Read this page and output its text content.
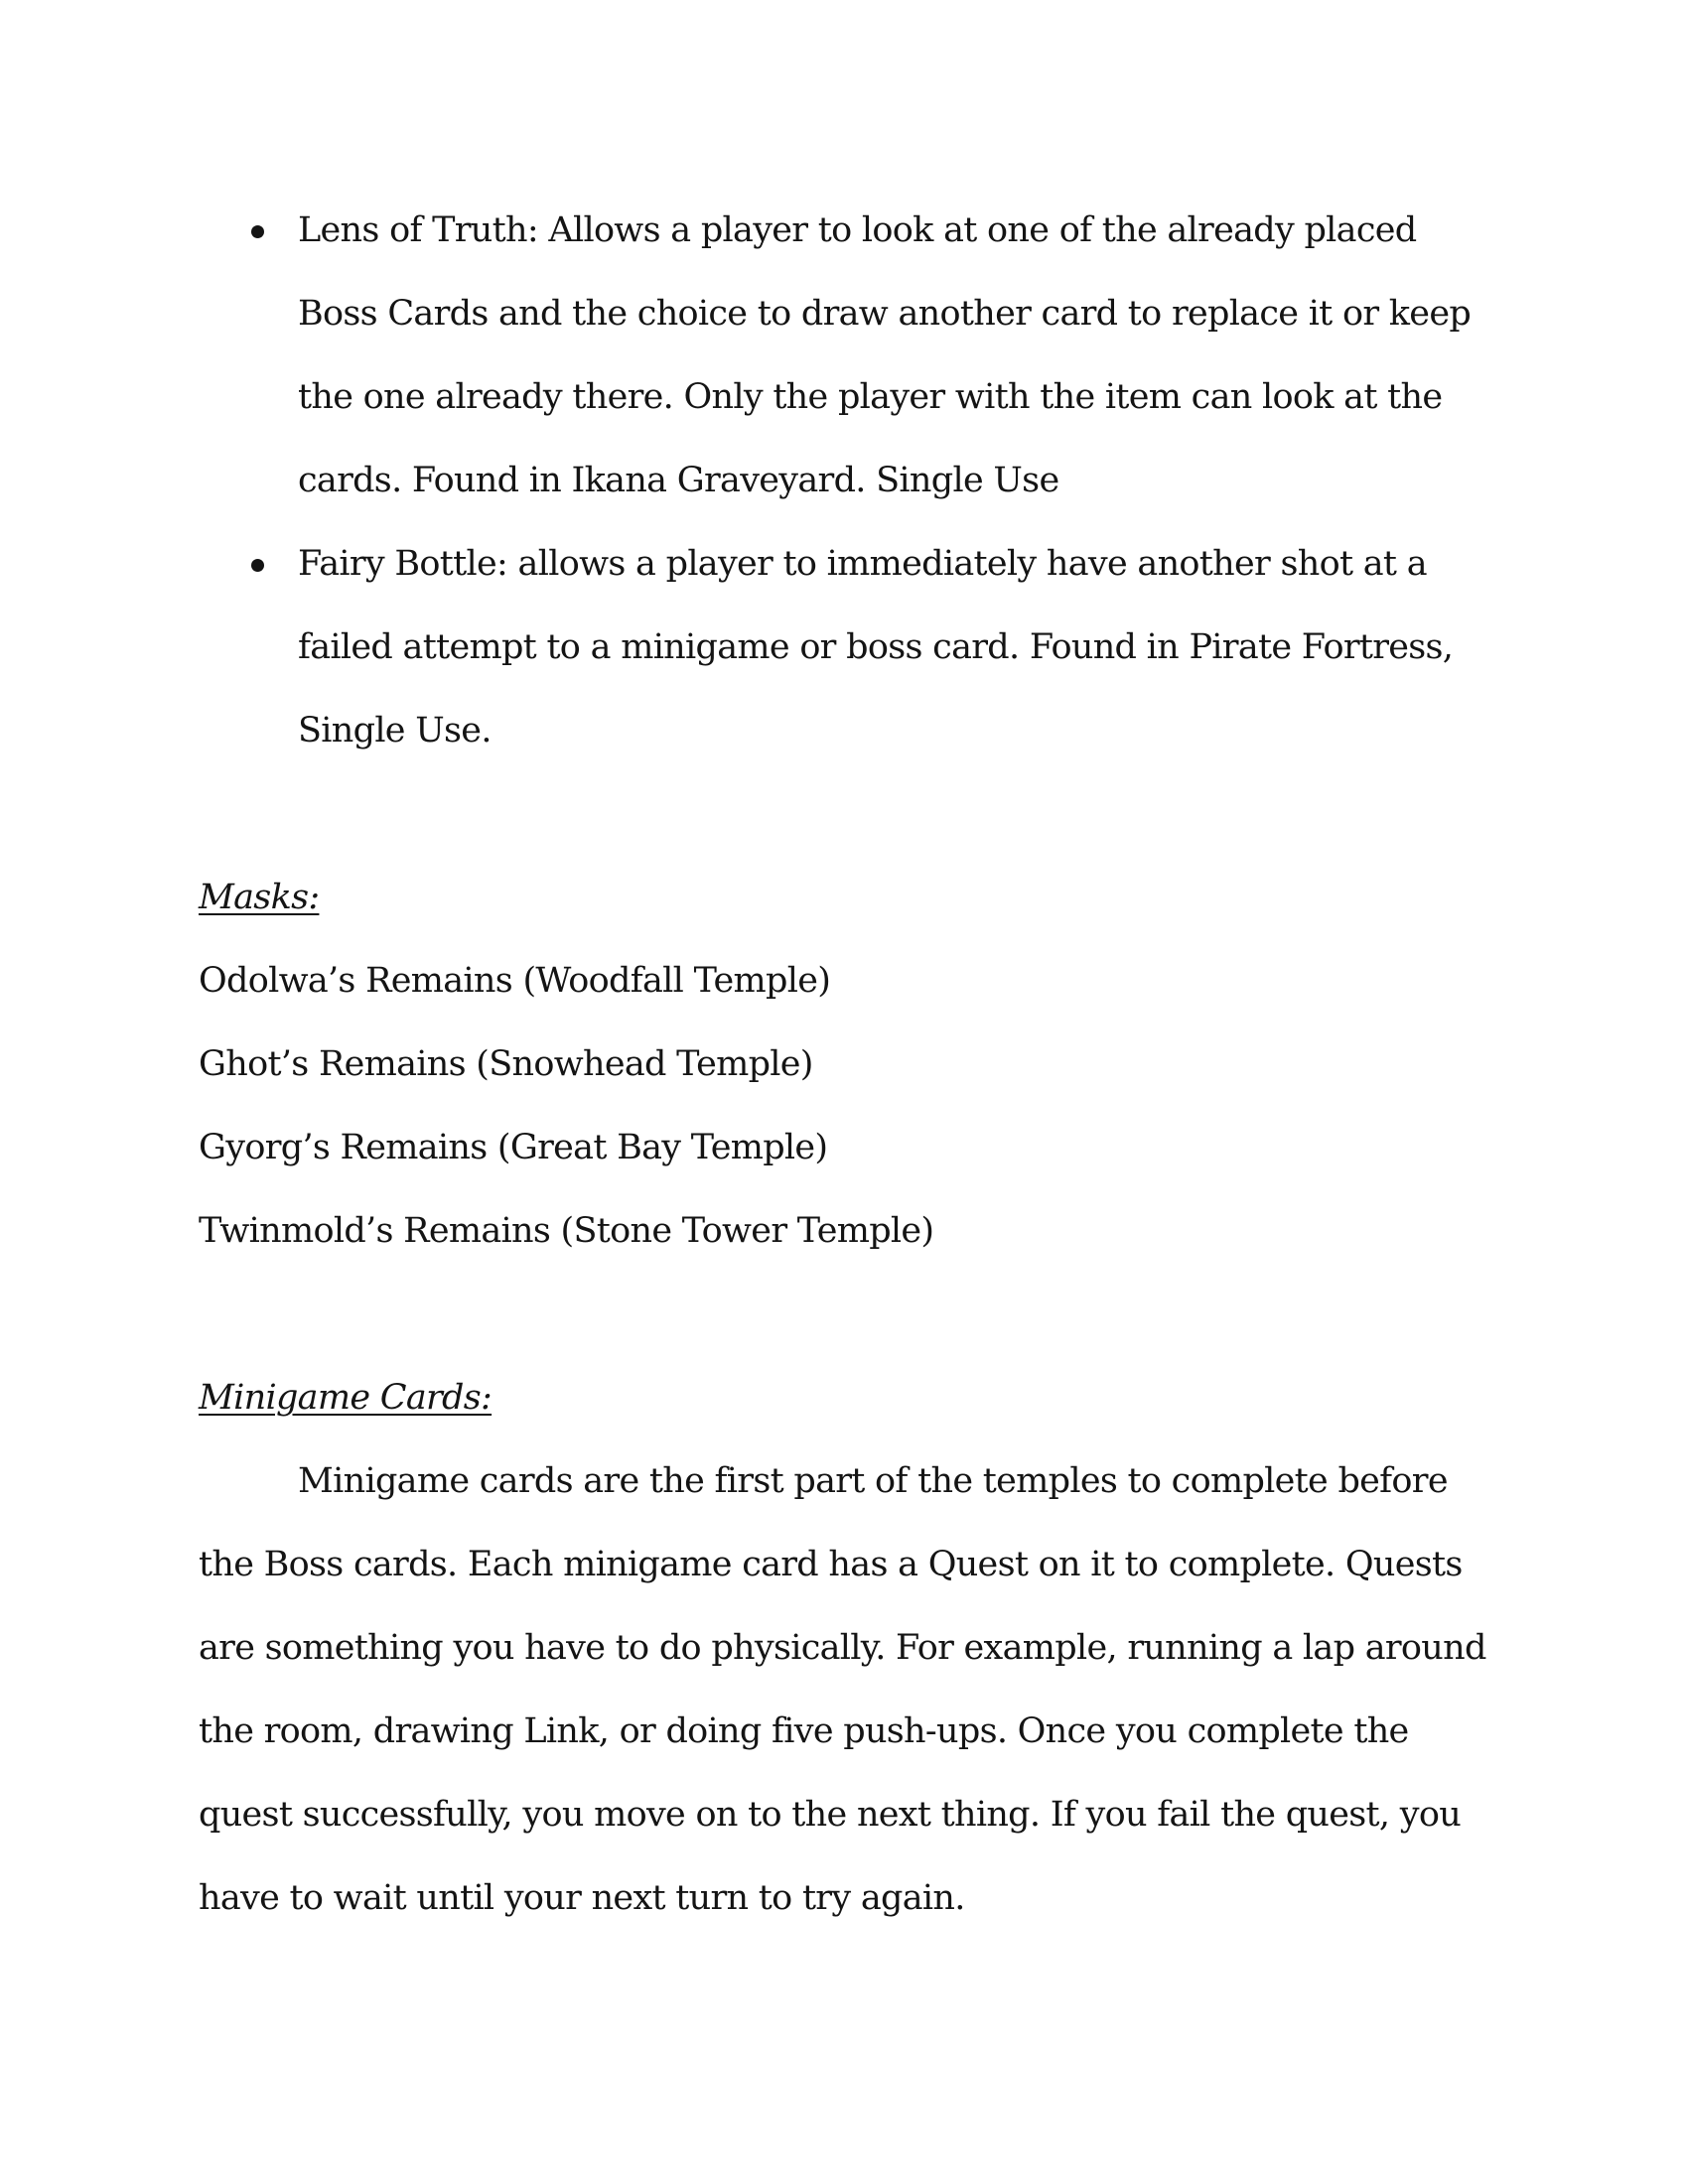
Lens of Truth: Allows a player to look at one of the already placed Boss Cards and the choice to draw another card to replace it or keep the one already there. Only the player with the item can look at the cards. Found in Ikana Graveyard. Single Use
Fairy Bottle: allows a player to immediately have another shot at a failed attempt to a minigame or boss card. Found in Pirate Fortress, Single Use.

Masks:

Odolwa’s Remains (Woodfall Temple)

Ghot’s Remains (Snowhead Temple)

Gyorg’s Remains (Great Bay Temple)

Twinmold’s Remains (Stone Tower Temple)

Minigame Cards:

Minigame cards are the first part of the temples to complete before the Boss cards. Each minigame card has a Quest on it to complete. Quests are something you have to do physically. For example, running a lap around the room, drawing Link, or doing five push-ups. Once you complete the quest successfully, you move on to the next thing. If you fail the quest, you have to wait until your next turn to try again.
